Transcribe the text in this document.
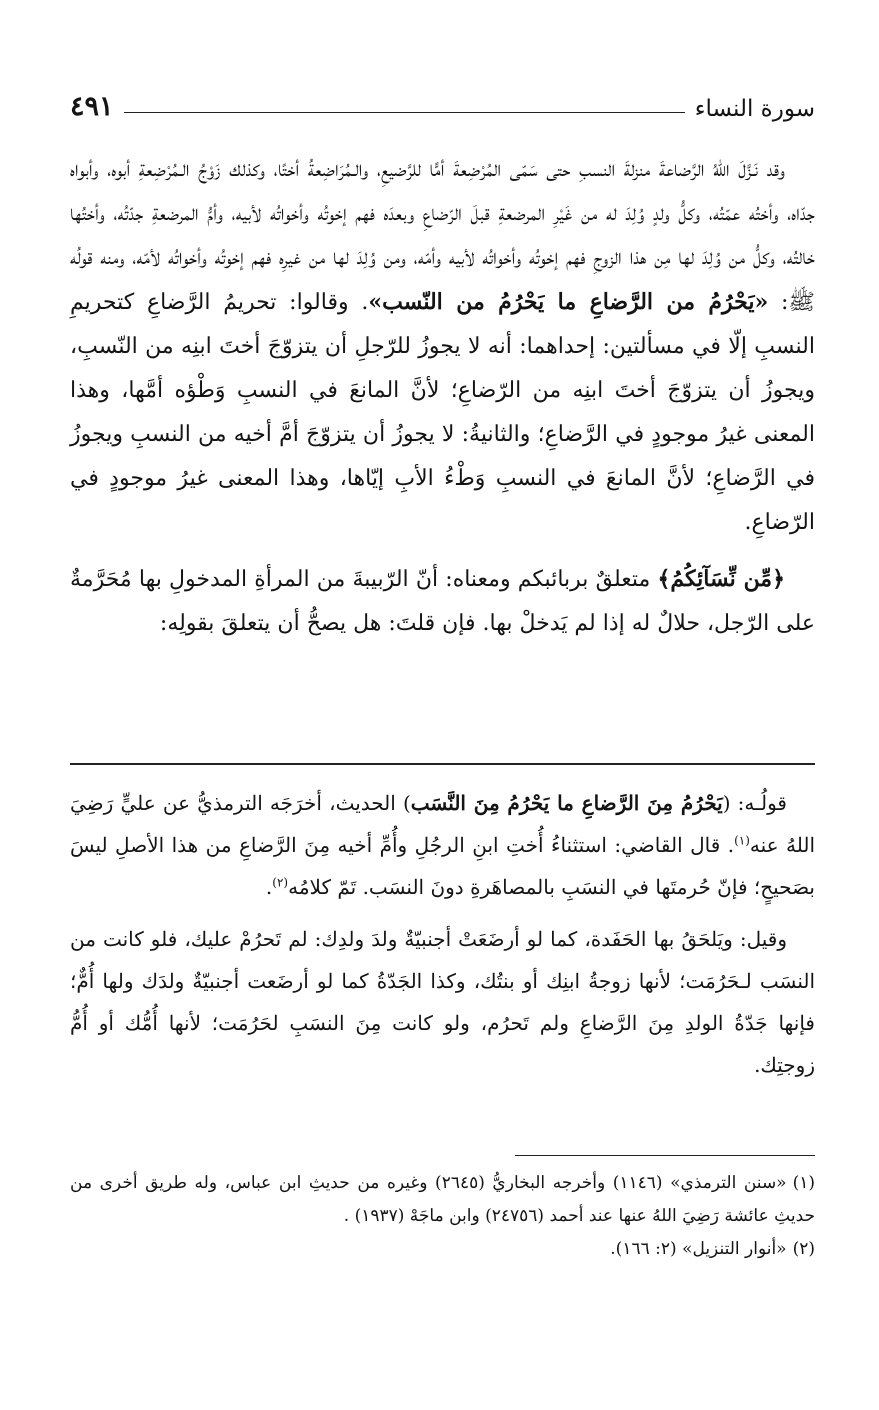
سورة النساء
٤٩١

وقد نَـزَّلَ اللهُ الرَّضاعةَ منزلةَ النسبِ حتى سَمّى المُرْضِعةَ أمًّا للرَّضيعِ، والـمُرَاضِعةُ أختًا، وكذلك زَوْجُ الـمُرْضِعةِ أبوه، وأبواه جدّاه، وأختُه عمّتُه، وكلُّ ولدٍ وُلِدَ له من غَيْرِ المرضعةِ قبلَ الرّضاعِ وبعدَه فهم إخوتُه وأخواتُه لأبيه، وأمُّ المرضعةِ جدّتُه، وأختُها خالتُه، وكلُّ من وُلِدَ لها مِن هذا الزوجِ فهم إخوتُه وأخواتُه لأبيه وأمّه، ومن وُلِدَ لها من غيرِه فهم إخوتُه وأخواتُه لأمّه، ومنه قولُه ﷺ: «يَحْرُمُ من الرَّضاعِ ما يَحْرُمُ من النّسب». وقالوا: تحريمُ الرَّضاعِ كتحريمِ النسبِ إلّا في مسألتين: إحداهما: أنه لا يجوزُ للرّجلِ أن يتزوّجَ أختَ ابنِه من النّسبِ، ويجوزُ أن يتزوّجَ أختَ ابنِه من الرّضاعِ؛ لأنَّ المانعَ في النسبِ وَطْؤه أمَّها، وهذا المعنى غيرُ موجودٍ في الرَّضاعِ؛ والثانيةُ: لا يجوزُ أن يتزوّجَ أمَّ أخيه من النسبِ ويجوزُ في الرَّضاعِ؛ لأنَّ المانعَ في النسبِ وَطْءُ الأبِ إيّاها، وهذا المعنى غيرُ موجودٍ في الرّضاعِ.

﴿مِّن نِّسَآئِكُمُ﴾ متعلقٌ بربائبكم ومعناه: أنّ الرّبيبةَ من المرأةِ المدخولِ بها مُحَرَّمةٌ على الرّجل، حلالٌ له إذا لم يَدخلْ بها. فإن قلتَ: هل يصحُّ أن يتعلقَ بقولِه:

قولُـه: (يَحْرُمُ مِنَ الرَّضاعِ ما يَحْرُمُ مِنَ النَّسَب) الحديث، أخرَجَه الترمذيُّ عن عليٍّ رَضِيَ اللهُ عنه$^{(١)}$. قال القاضي: استثناءُ أُختِ ابنِ الرجُلِ وأُمِّ أخيه مِنَ الرَّضاعِ من هذا الأصلِ ليسَ بصَحيحٍ؛ فإنّ حُرمتَها في النسَبِ بالمصاهَرةِ دونَ النسَب. تَمّ كلامُه$^{(٢)}$.

وقيل: ويَلحَقُ بها الحَفَدة، كما لو أرضَعَتْ أجنبيّةٌ ولدَ ولدِك: لم تَحرُمْ عليك، فلو كانت من النسَب لـحَرُمَت؛ لأنها زوجةُ ابنِك أو بنتُك، وكذا الجَدّةُ كما لو أرضَعت أجنبيّةٌ ولدَك ولها أُمٌّ؛ فإنها جَدّةُ الولدِ مِنَ الرَّضاعِ ولم تَحرُم، ولو كانت مِنَ النسَبِ لحَرُمَت؛ لأنها أُمُّك أو أُمُّ زوجتِك.

(١)«سنن الترمذي» (١١٤٦) وأخرجه البخاريُّ (٢٦٤٥) وغيره من حديثِ ابن عباس، وله طريق أخرى من حديثِ عائشة رَضِيَ اللهُ عنها عند أحمد (٢٤٧٥٦) وابن ماجَهْ (١٩٣٧) .

(٢)«أنوار التنزيل» (٢: ١٦٦).
